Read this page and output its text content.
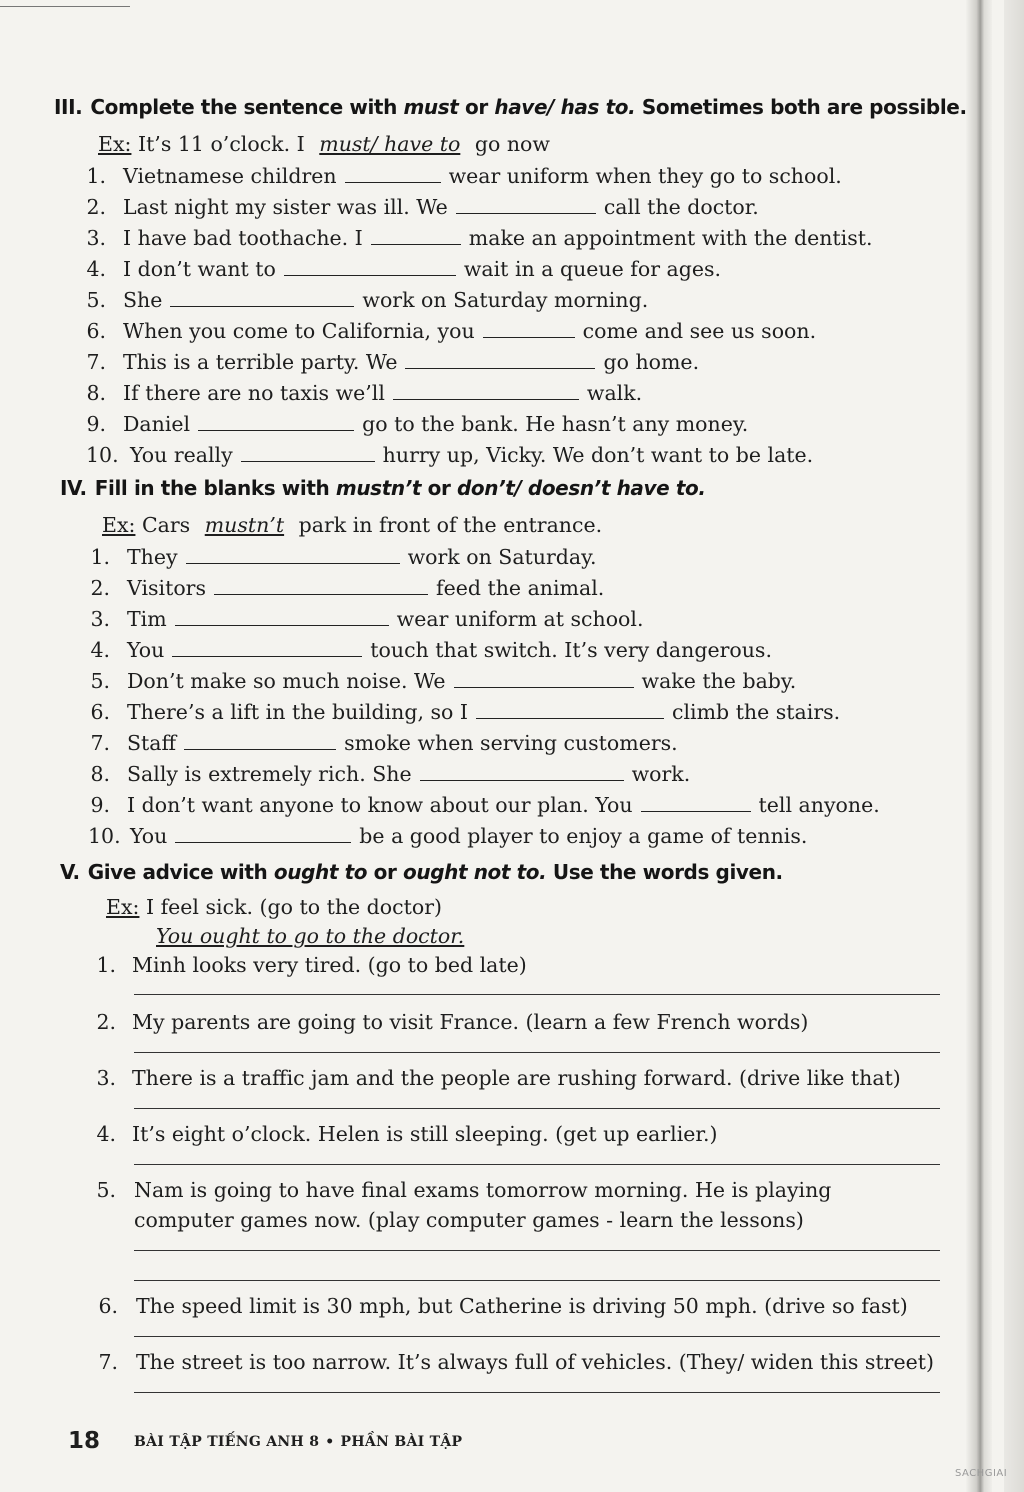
III. Complete the sentence with must or have/ has to. Sometimes both are possible.
Ex: It’s 11 o’clock. I must/ have to go now
1. Vietnamese children	wear uniform when they go to school.
2. Last night my sister was ill. We	call the doctor.
3. I have bad toothache. I	make an appointment with the dentist.
4. I don’t want to	wait in a queue for ages.
5. She	work on Saturday morning.
6. When you come to California, you	come and see us soon.
7. This is a terrible party. We	go home.
8. If there are no taxis we’ll	walk.
9. Daniel	go to the bank. He hasn’t any money.
10. You really	hurry up, Vicky. We don’t want to be late.
IV. Fill in the blanks with mustn’t or don’t/ doesn’t have to.
Ex: Cars mustn’t park in front of the entrance.
1. They	work on Saturday.
2. Visitors	feed the animal.
3. Tim	wear uniform at school.
4. You	touch that switch. It’s very dangerous.
5. Don’t make so much noise. We	wake the baby.
6. There’s a lift in the building, so I	climb the stairs.
7. Staff	smoke when serving customers.
8. Sally is extremely rich. She	work.
9. I don’t want anyone to know about our plan. You	tell anyone.
10. You	be a good player to enjoy a game of tennis.
V. Give advice with ought to or ought not to. Use the words given.
Ex: I feel sick. (go to the doctor)
You ought to go to the doctor.
1. Minh looks very tired. (go to bed late)
2. My parents are going to visit France. (learn a few French words)
3. There is a traffic jam and the people are rushing forward. (drive like that)
4. It’s eight o’clock. Helen is still sleeping. (get up earlier.)
5. Nam is going to have final exams tomorrow morning. He is playing
computer games now. (play computer games - learn the lessons)
6. The speed limit is 30 mph, but Catherine is driving 50 mph. (drive so fast)
7. The street is too narrow. It’s always full of vehicles. (They/ widen this street)
18 BÀI TẬP TIẾNG ANH 8 • PHẦN BÀI TẬP
SACHGIAI
